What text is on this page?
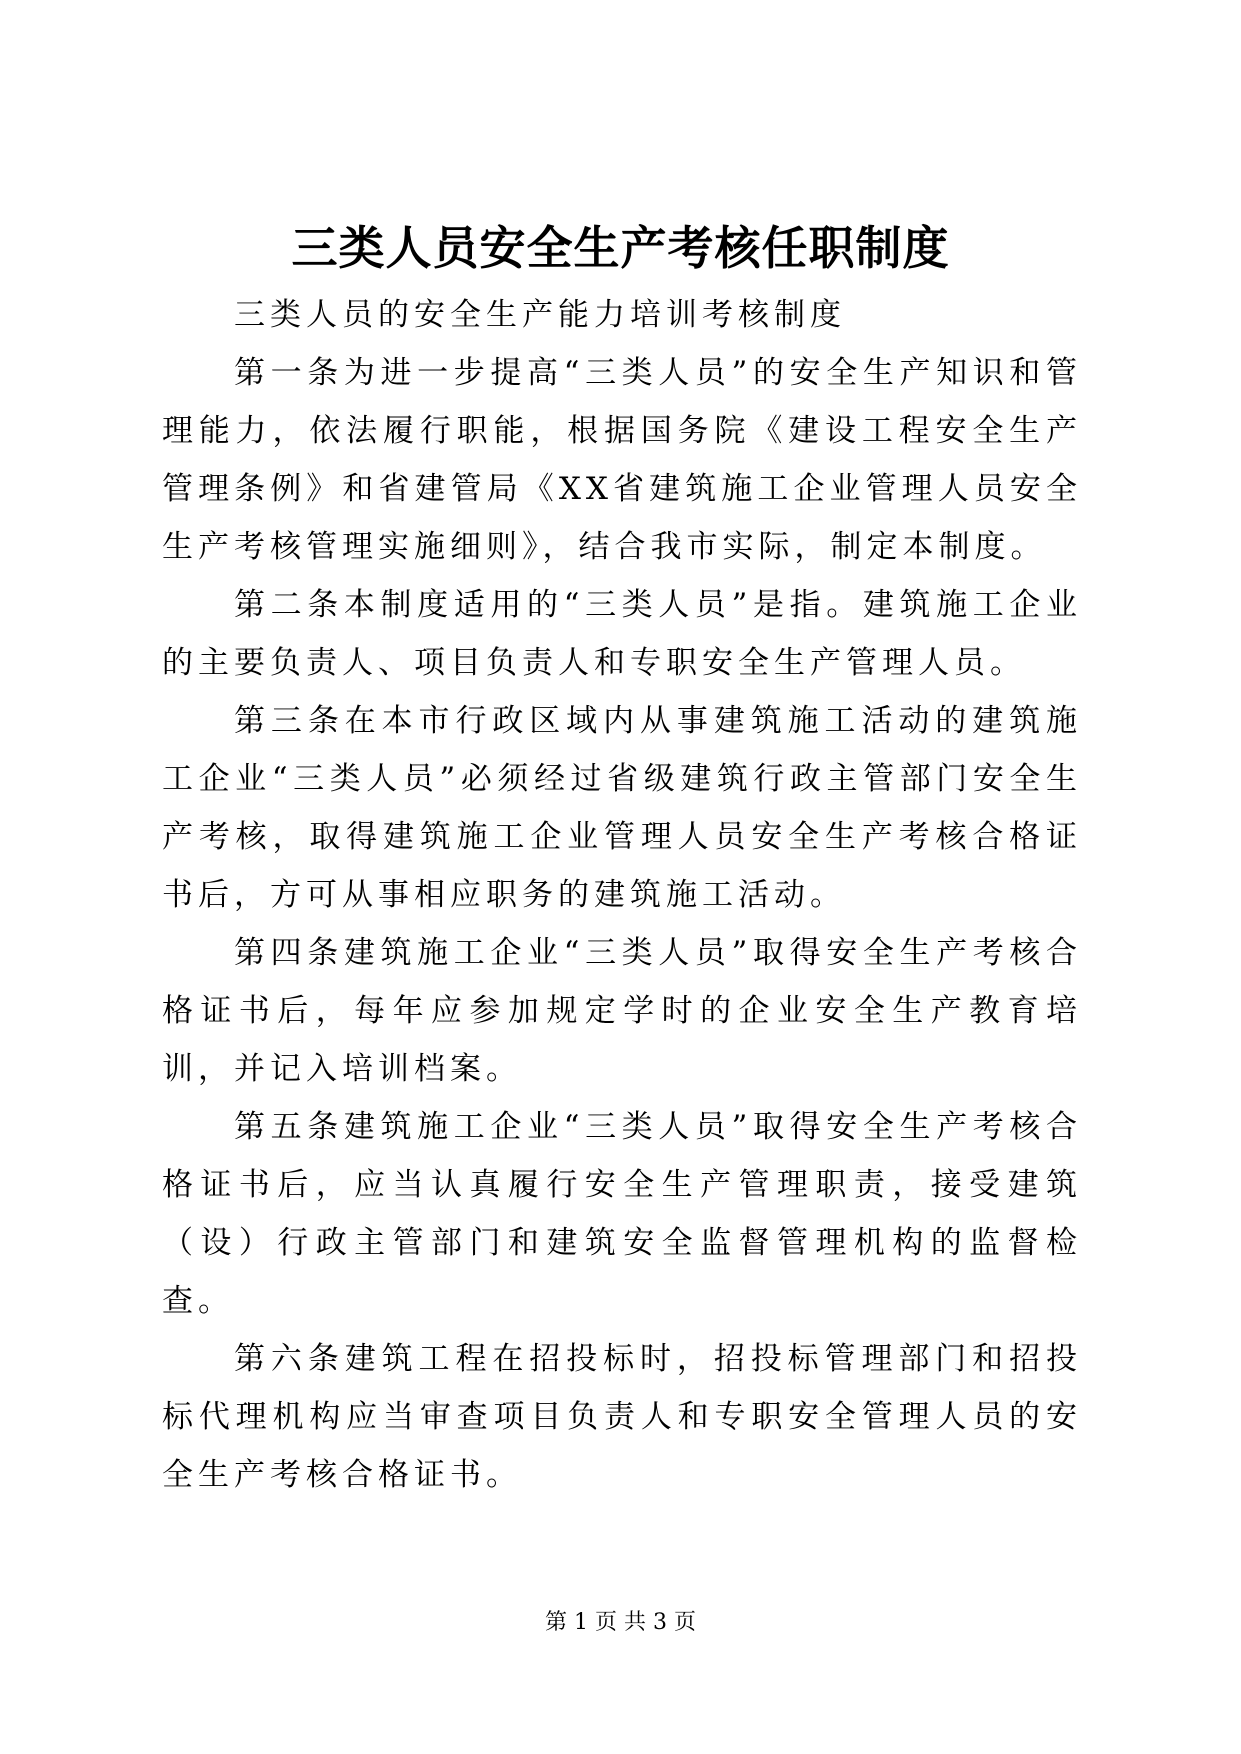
三类人员安全生产考核任职制度

三类人员的安全生产能力培训考核制度

第一条为进一步提高“三类人员”的安全生产知识和管理能力，依法履行职能，根据国务院《建设工程安全生产管理条例》和省建管局《XX省建筑施工企业管理人员安全生产考核管理实施细则》，结合我市实际，制定本制度。

第二条本制度适用的“三类人员”是指。建筑施工企业的主要负责人、项目负责人和专职安全生产管理人员。

第三条在本市行政区域内从事建筑施工活动的建筑施工企业“三类人员”必须经过省级建筑行政主管部门安全生产考核，取得建筑施工企业管理人员安全生产考核合格证书后，方可从事相应职务的建筑施工活动。

第四条建筑施工企业“三类人员”取得安全生产考核合格证书后，每年应参加规定学时的企业安全生产教育培训，并记入培训档案。

第五条建筑施工企业“三类人员”取得安全生产考核合格证书后，应当认真履行安全生产管理职责，接受建筑（设）行政主管部门和建筑安全监督管理机构的监督检查。

第六条建筑工程在招投标时，招投标管理部门和招投标代理机构应当审查项目负责人和专职安全管理人员的安全生产考核合格证书。

第 1 页 共 3 页
